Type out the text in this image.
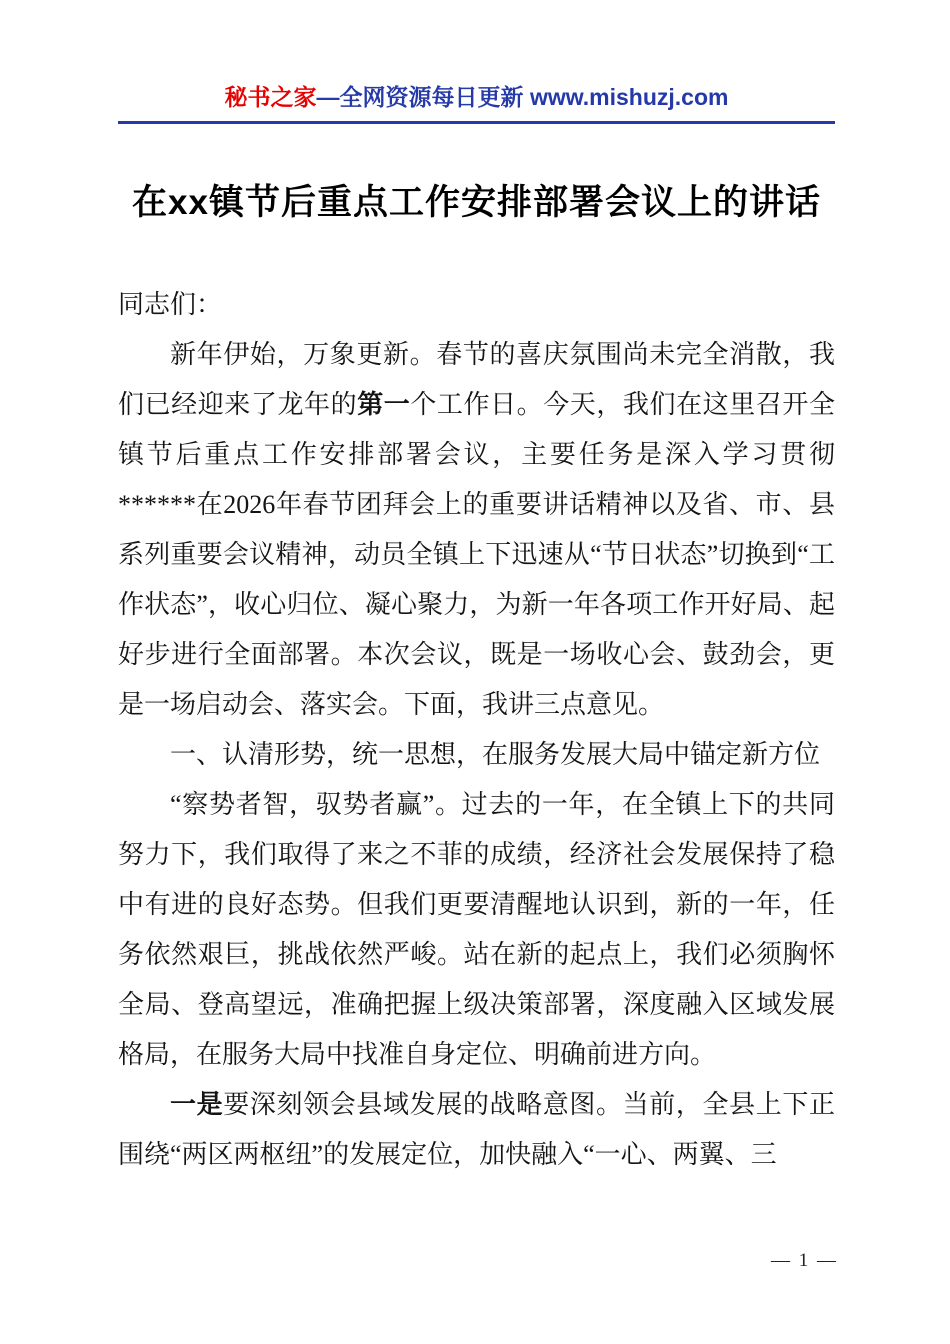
秘书之家—全网资源每日更新 www.mishuzj.com
在xx镇节后重点工作安排部署会议上的讲话

同志们：

新年伊始，万象更新。春节的喜庆氛围尚未完全消散，我们已经迎来了龙年的第一个工作日。今天，我们在这里召开全镇节后重点工作安排部署会议，主要任务是深入学习贯彻******在2026年春节团拜会上的重要讲话精神以及省、市、县系列重要会议精神，动员全镇上下迅速从“节日状态”切换到“工作状态”，收心归位、凝心聚力，为新一年各项工作开好局、起好步进行全面部署。本次会议，既是一场收心会、鼓劲会，更是一场启动会、落实会。下面，我讲三点意见。

一、认清形势，统一思想，在服务发展大局中锚定新方位

“察势者智，驭势者赢”。过去的一年，在全镇上下的共同努力下，我们取得了来之不菲的成绩，经济社会发展保持了稳中有进的良好态势。但我们更要清醒地认识到，新的一年，任务依然艰巨，挑战依然严峻。站在新的起点上，我们必须胸怀全局、登高望远，准确把握上级决策部署，深度融入区域发展格局，在服务大局中找准自身定位、明确前进方向。

一是要深刻领会县域发展的战略意图。当前，全县上下正围绕“两区两枢纽”的发展定位，加快融入“一心、两翼、三

— 1 —
